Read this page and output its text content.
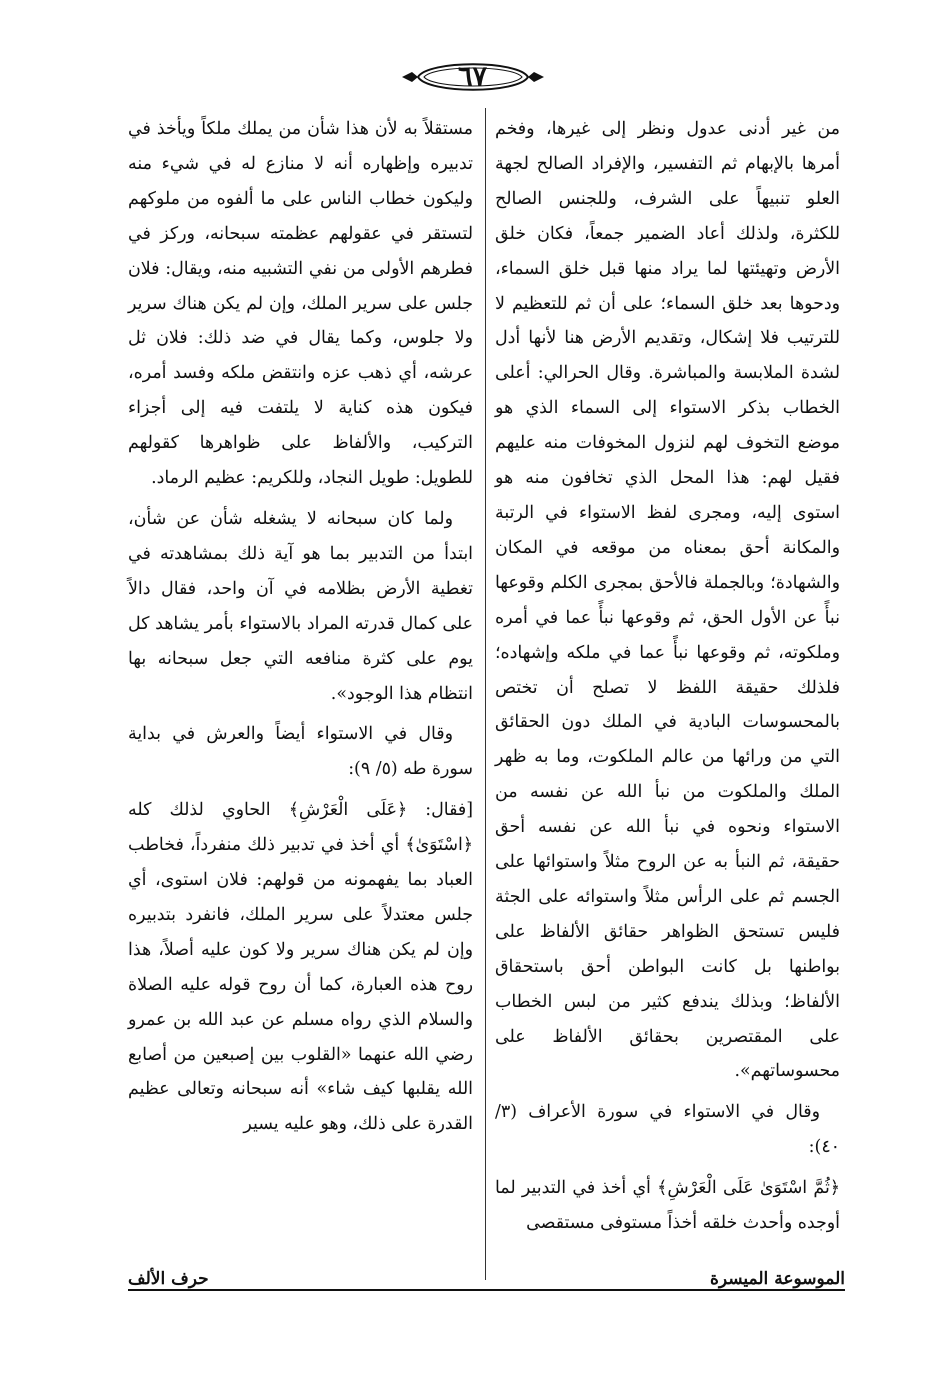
٦٧

من غير أدنى عدول ونظر إلى غيرها، وفخم أمرها بالإبهام ثم التفسير، والإفراد الصالح لجهة العلو تنبيهاً على الشرف، وللجنس الصالح للكثرة، ولذلك أعاد الضمير جمعاً، فكان خلق الأرض وتهيئتها لما يراد منها قبل خلق السماء، ودحوها بعد خلق السماء؛ على أن ثم للتعظيم لا للترتيب فلا إشكال، وتقديم الأرض هنا لأنها أدل لشدة الملابسة والمباشرة. وقال الحرالي: أعلى الخطاب بذكر الاستواء إلى السماء الذي هو موضع التخوف لهم لنزول المخوفات منه عليهم فقيل لهم: هذا المحل الذي تخافون منه هو استوى إليه، ومجرى لفظ الاستواء في الرتبة والمكانة أحق بمعناه من موقعه في المكان والشهادة؛ وبالجملة فالأحق بمجرى الكلم وقوعها نبأً عن الأول الحق، ثم وقوعها نبأً عما في أمره وملكوته، ثم وقوعها نبأً عما في ملكه وإشهاده؛ فلذلك حقيقة اللفظ لا تصلح أن تختص بالمحسوسات البادية في الملك دون الحقائق التي من ورائها من عالم الملكوت، وما به ظهر الملك والملكوت من نبأ الله عن نفسه من الاستواء ونحوه في نبأ الله عن نفسه أحق حقيقة، ثم النبأ به عن الروح مثلاً واستوائها على الجسم ثم على الرأس مثلاً واستوائه على الجثة فليس تستحق الظواهر حقائق الألفاظ على بواطنها بل كانت البواطن أحق باستحقاق الألفاظ؛ وبذلك يندفع كثير من لبس الخطاب على المقتصرين بحقائق الألفاظ على محسوساتهم».

وقال في الاستواء في سورة الأعراف (٣/ ٤٠):

﴿ثُمَّ اسْتَوَىٰ عَلَى الْعَرْشِ﴾ أي أخذ في التدبير لما أوجده وأحدث خلقه أخذاً مستوفى مستقصى

مستقلاً به لأن هذا شأن من يملك ملكاً ويأخذ في تدبيره وإظهاره أنه لا منازع له في شيء منه وليكون خطاب الناس على ما ألفوه من ملوكهم لتستقر في عقولهم عظمته سبحانه، وركز في فطرهم الأولى من نفي التشبيه منه، ويقال: فلان جلس على سرير الملك، وإن لم يكن هناك سرير ولا جلوس، وكما يقال في ضد ذلك: فلان ثل عرشه، أي ذهب عزه وانتقض ملكه وفسد أمره، فيكون هذه كناية لا يلتفت فيه إلى أجزاء التركيب، والألفاظ على ظواهرها كقولهم للطويل: طويل النجاد، وللكريم: عظيم الرماد.

ولما كان سبحانه لا يشغله شأن عن شأن، ابتدأ من التدبير بما هو آية ذلك بمشاهدته في تغطية الأرض بظلامه في آن واحد، فقال دالاً على كمال قدرته المراد بالاستواء بأمر يشاهد كل يوم على كثرة منافعه التي جعل سبحانه بها انتظام هذا الوجود».

وقال في الاستواء أيضاً والعرش في بداية سورة طه (٥/ ٩):

[فقال: ﴿عَلَى الْعَرْشِ﴾ الحاوي لذلك كله ﴿اسْتَوَىٰ﴾ أي أخذ في تدبير ذلك منفرداً، فخاطب العباد بما يفهمونه من قولهم: فلان استوى، أي جلس معتدلاً على سرير الملك، فانفرد بتدبيره وإن لم يكن هناك سرير ولا كون عليه أصلاً، هذا روح هذه العبارة، كما أن روح قوله عليه الصلاة والسلام الذي رواه مسلم عن عبد الله بن عمرو رضي الله عنهما «القلوب بين إصبعين من أصابع الله يقلبها كيف شاء» أنه سبحانه وتعالى عظيم القدرة على ذلك، وهو عليه يسير

الموسوعة الميسرة
حرف الألف
